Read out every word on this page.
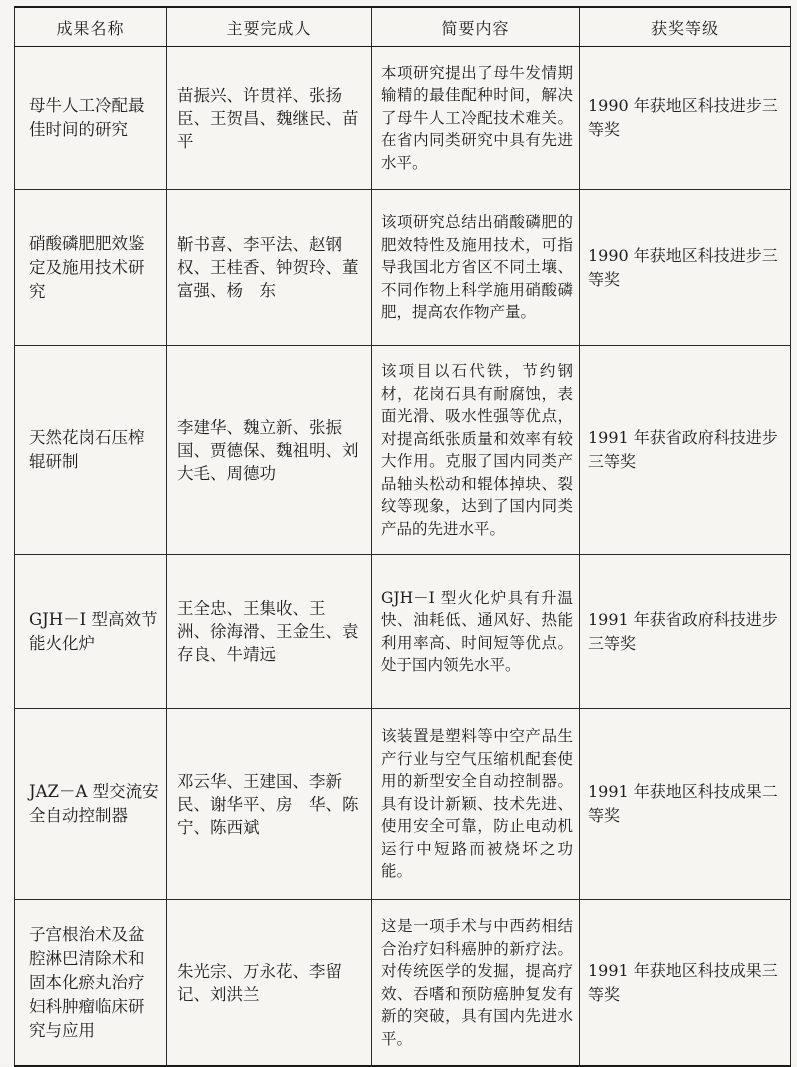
成果名称	主要完成人	简要内容	获奖等级
母牛人工冷配最佳时间的研究	苗振兴、许贯祥、张扬臣、王贺昌、魏继民、苗　平	本项研究提出了母牛发情期输精的最佳配种时间，解决了母牛人工冷配技术难关。在省内同类研究中具有先进水平。	1990 年获地区科技进步三等奖
硝酸磷肥肥效鉴定及施用技术研究	靳书喜、李平法、赵钢权、王桂香、钟贺玲、董富强、杨　东	该项研究总结出硝酸磷肥的肥效特性及施用技术，可指导我国北方省区不同土壤、不同作物上科学施用硝酸磷肥，提高农作物产量。	1990 年获地区科技进步三等奖
天然花岗石压榨辊研制	李建华、魏立新、张振国、贾德保、魏祖明、刘大毛、周德功	该项目以石代铁，节约钢材，花岗石具有耐腐蚀，表面光滑、吸水性强等优点，对提高纸张质量和效率有较大作用。克服了国内同类产品轴头松动和辊体掉块、裂纹等现象，达到了国内同类产品的先进水平。	1991 年获省政府科技进步三等奖
GJH－I 型高效节能火化炉	王全忠、王集收、王　洲、徐海滑、王金生、袁存良、牛靖远	GJH－I 型火化炉具有升温快、油耗低、通风好、热能利用率高、时间短等优点。处于国内领先水平。	1991 年获省政府科技进步三等奖
JAZ－A 型交流安全自动控制器	邓云华、王建国、李新民、谢华平、房　华、陈　宁、陈西斌	该装置是塑料等中空产品生产行业与空气压缩机配套使用的新型安全自动控制器。具有设计新颖、技术先进、使用安全可靠，防止电动机运行中短路而被烧坏之功能。	1991 年获地区科技成果二等奖
子宫根治术及盆腔淋巴清除术和固本化瘀丸治疗妇科肿瘤临床研究与应用	朱光宗、万永花、李留记、刘洪兰	这是一项手术与中西药相结合治疗妇科癌肿的新疗法。对传统医学的发掘，提高疗效、吞嗜和预防癌肿复发有新的突破，具有国内先进水平。	1991 年获地区科技成果三等奖
